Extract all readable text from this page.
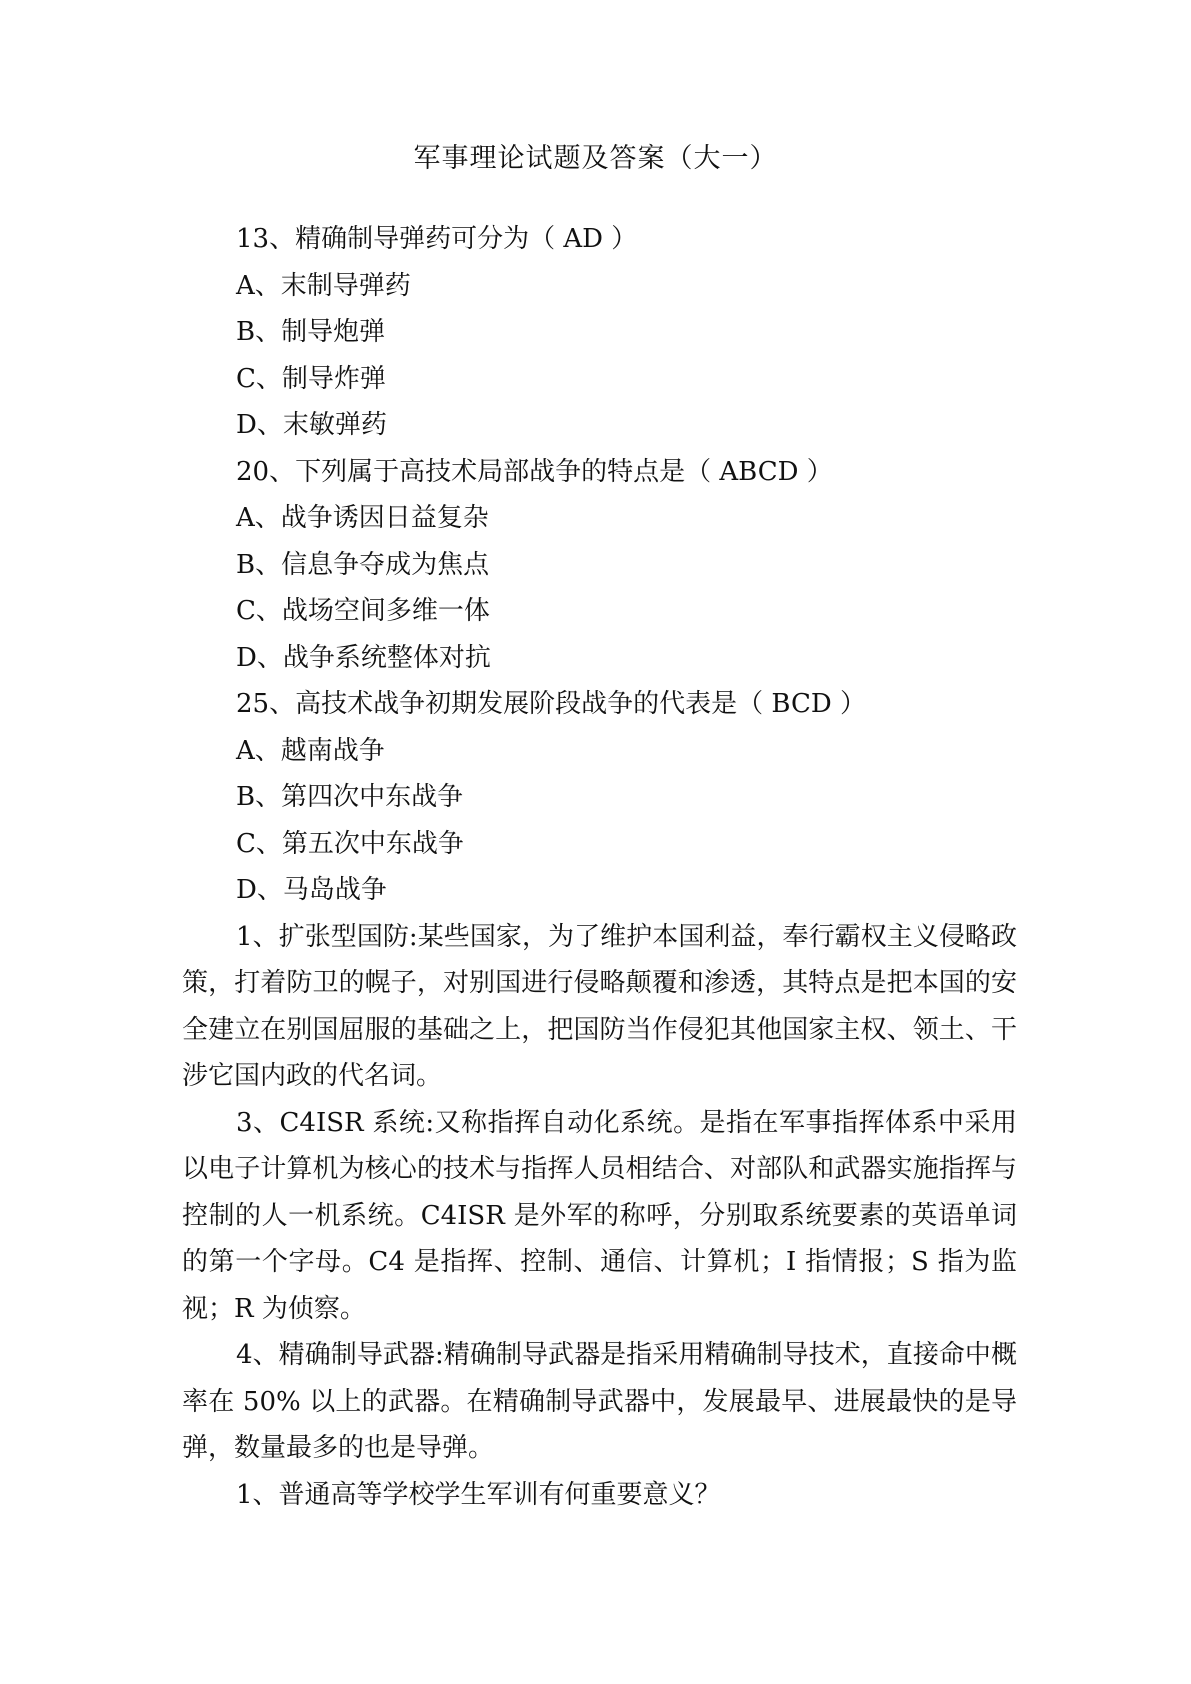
军事理论试题及答案（大一）
13、精确制导弹药可分为（ AD ）
A、末制导弹药
B、制导炮弹
C、制导炸弹
D、末敏弹药
20、下列属于高技术局部战争的特点是（ ABCD ）
A、战争诱因日益复杂
B、信息争夺成为焦点
C、战场空间多维一体
D、战争系统整体对抗
25、高技术战争初期发展阶段战争的代表是（ BCD ）
A、越南战争
B、第四次中东战争
C、第五次中东战争
D、马岛战争
1、扩张型国防:某些国家，为了维护本国利益，奉行霸权主义侵略政策，打着防卫的幌子，对别国进行侵略颠覆和渗透，其特点是把本国的安全建立在别国屈服的基础之上，把国防当作侵犯其他国家主权、领土、干涉它国内政的代名词。
3、C4ISR 系统:又称指挥自动化系统。是指在军事指挥体系中采用以电子计算机为核心的技术与指挥人员相结合、对部队和武器实施指挥与控制的人一机系统。C4ISR 是外军的称呼，分别取系统要素的英语单词的第一个字母。C4 是指挥、控制、通信、计算机；I 指情报；S 指为监视；R 为侦察。
4、精确制导武器:精确制导武器是指采用精确制导技术，直接命中概率在 50% 以上的武器。在精确制导武器中，发展最早、进展最快的是导弹，数量最多的也是导弹。
1、普通高等学校学生军训有何重要意义？
